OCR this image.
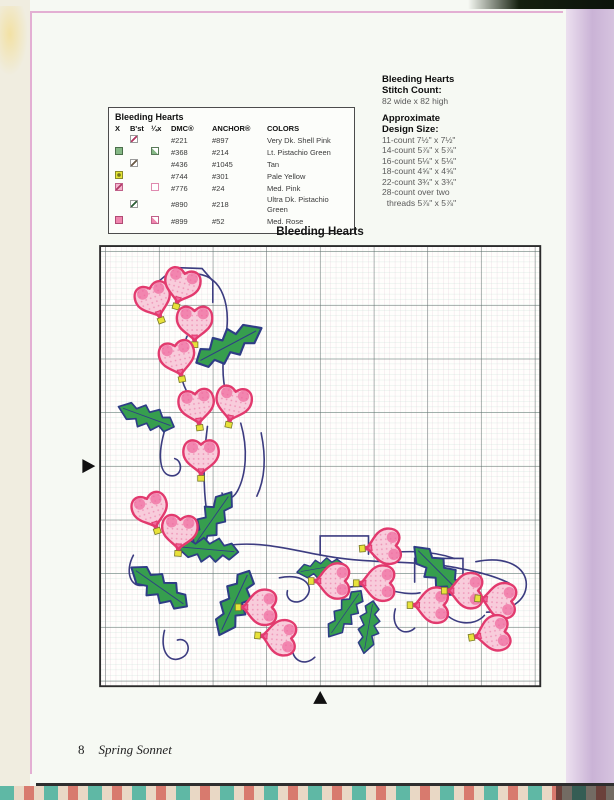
Bleeding Hearts
X	B'st ¼x	DMC®	ANCHOR®	COLORS
#221	#897	Very Dk. Shell Pink
#368	#214	Lt. Pistachio Green
#436	#1045	Tan
#744	#301	Pale Yellow
#776	#24	Med. Pink
#890	#218
Ultra Dk. Pistachio Green
#899	#52	Med. Rose
Bleeding Hearts
Stitch Count:
82 wide x 82 high
Approximate
Design Size:
11-count 7½" x 7½"
14-count 5⅞" x 5⅞"
16-count 5⅛" x 5⅛"
18-count 4⅝" x 4⅝"
22-count 3¾" x 3¾"
28-count over two
threads 5⅞" x 5⅞"
Bleeding Hearts
8 Spring Sonnet
